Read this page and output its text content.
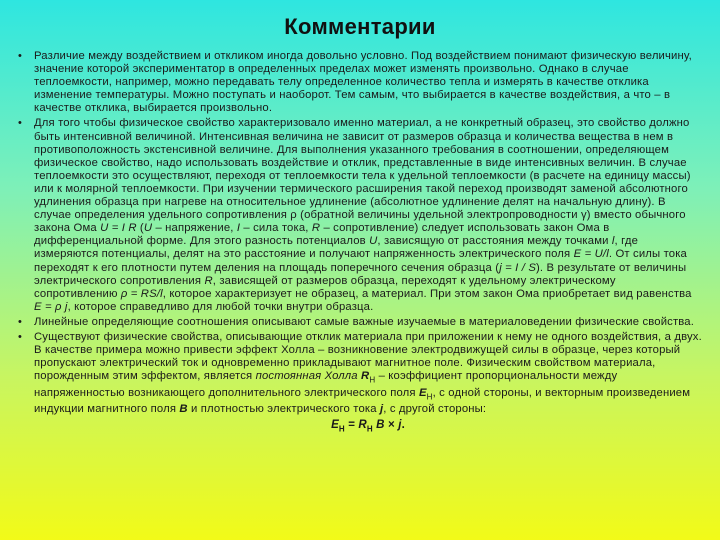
Комментарии
• Различие между воздействием и откликом иногда довольно условно. Под воздействием понимают физическую величину, значение которой экспериментатор в определенных пределах может изменять произвольно. Однако в случае теплоемкости, например, можно передавать телу определенное количество тепла и измерять в качестве отклика изменение температуры. Можно поступать и наоборот. Тем самым, что выбирается в качестве воздействия, а что – в качестве отклика, выбирается произвольно.
• Для того чтобы физическое свойство характеризовало именно материал, а не конкретный образец, это свойство должно быть интенсивной величиной. Интенсивная величина не зависит от размеров образца и количества вещества в нем в противоположность экстенсивной величине. Для выполнения указанного требования в соотношении, определяющем физическое свойство, надо использовать воздействие и отклик, представленные в виде интенсивных величин. В случае теплоемкости это осуществляют, переходя от теплоемкости тела к удельной теплоемкости (в расчете на единицу массы) или к молярной теплоемкости. При изучении термического расширения такой переход производят заменой абсолютного удлинения образца при нагреве на относительное удлинение (абсолютное удлинение делят на начальную длину). В случае определения удельного сопротивления ρ (обратной величины удельной электропроводности γ) вместо обычного закона Ома U = I R (U – напряжение, I – сила тока, R – сопротивление) следует использовать закон Ома в дифференциальной форме. Для этого разность потенциалов U, зависящую от расстояния между точками l, где измеряются потенциалы, делят на это расстояние и получают напряженность электрического поля E = U/l. От силы тока переходят к его плотности путем деления на площадь поперечного сечения образца (j = I / S). В результате от величины электрического сопротивления R, зависящей от размеров образца, переходят к удельному электрическому сопротивлению ρ = RS/l, которое характеризует не образец, а материал. При этом закон Ома приобретает вид равенства E = ρ j, которое справедливо для любой точки внутри образца.
• Линейные определяющие соотношения описывают самые важные изучаемые в материаловедении физические свойства.
• Существуют физические свойства, описывающие отклик материала при приложении к нему не одного воздействия, а двух. В качестве примера можно привести эффект Холла – возникновение электродвижущей силы в образце, через который пропускают электрический ток и одновременно прикладывают магнитное поле. Физическим свойством материала, порожденным этим эффектом, является постоянная Холла $R_Н$ – коэффициент пропорциональности между напряженностью возникающего дополнительного электрического поля $E_Н$, с одной стороны, и векторным произведением индукции магнитного поля B и плотностью электрического тока j, с другой стороны:
$E_Н = R_Н$ B × j.
